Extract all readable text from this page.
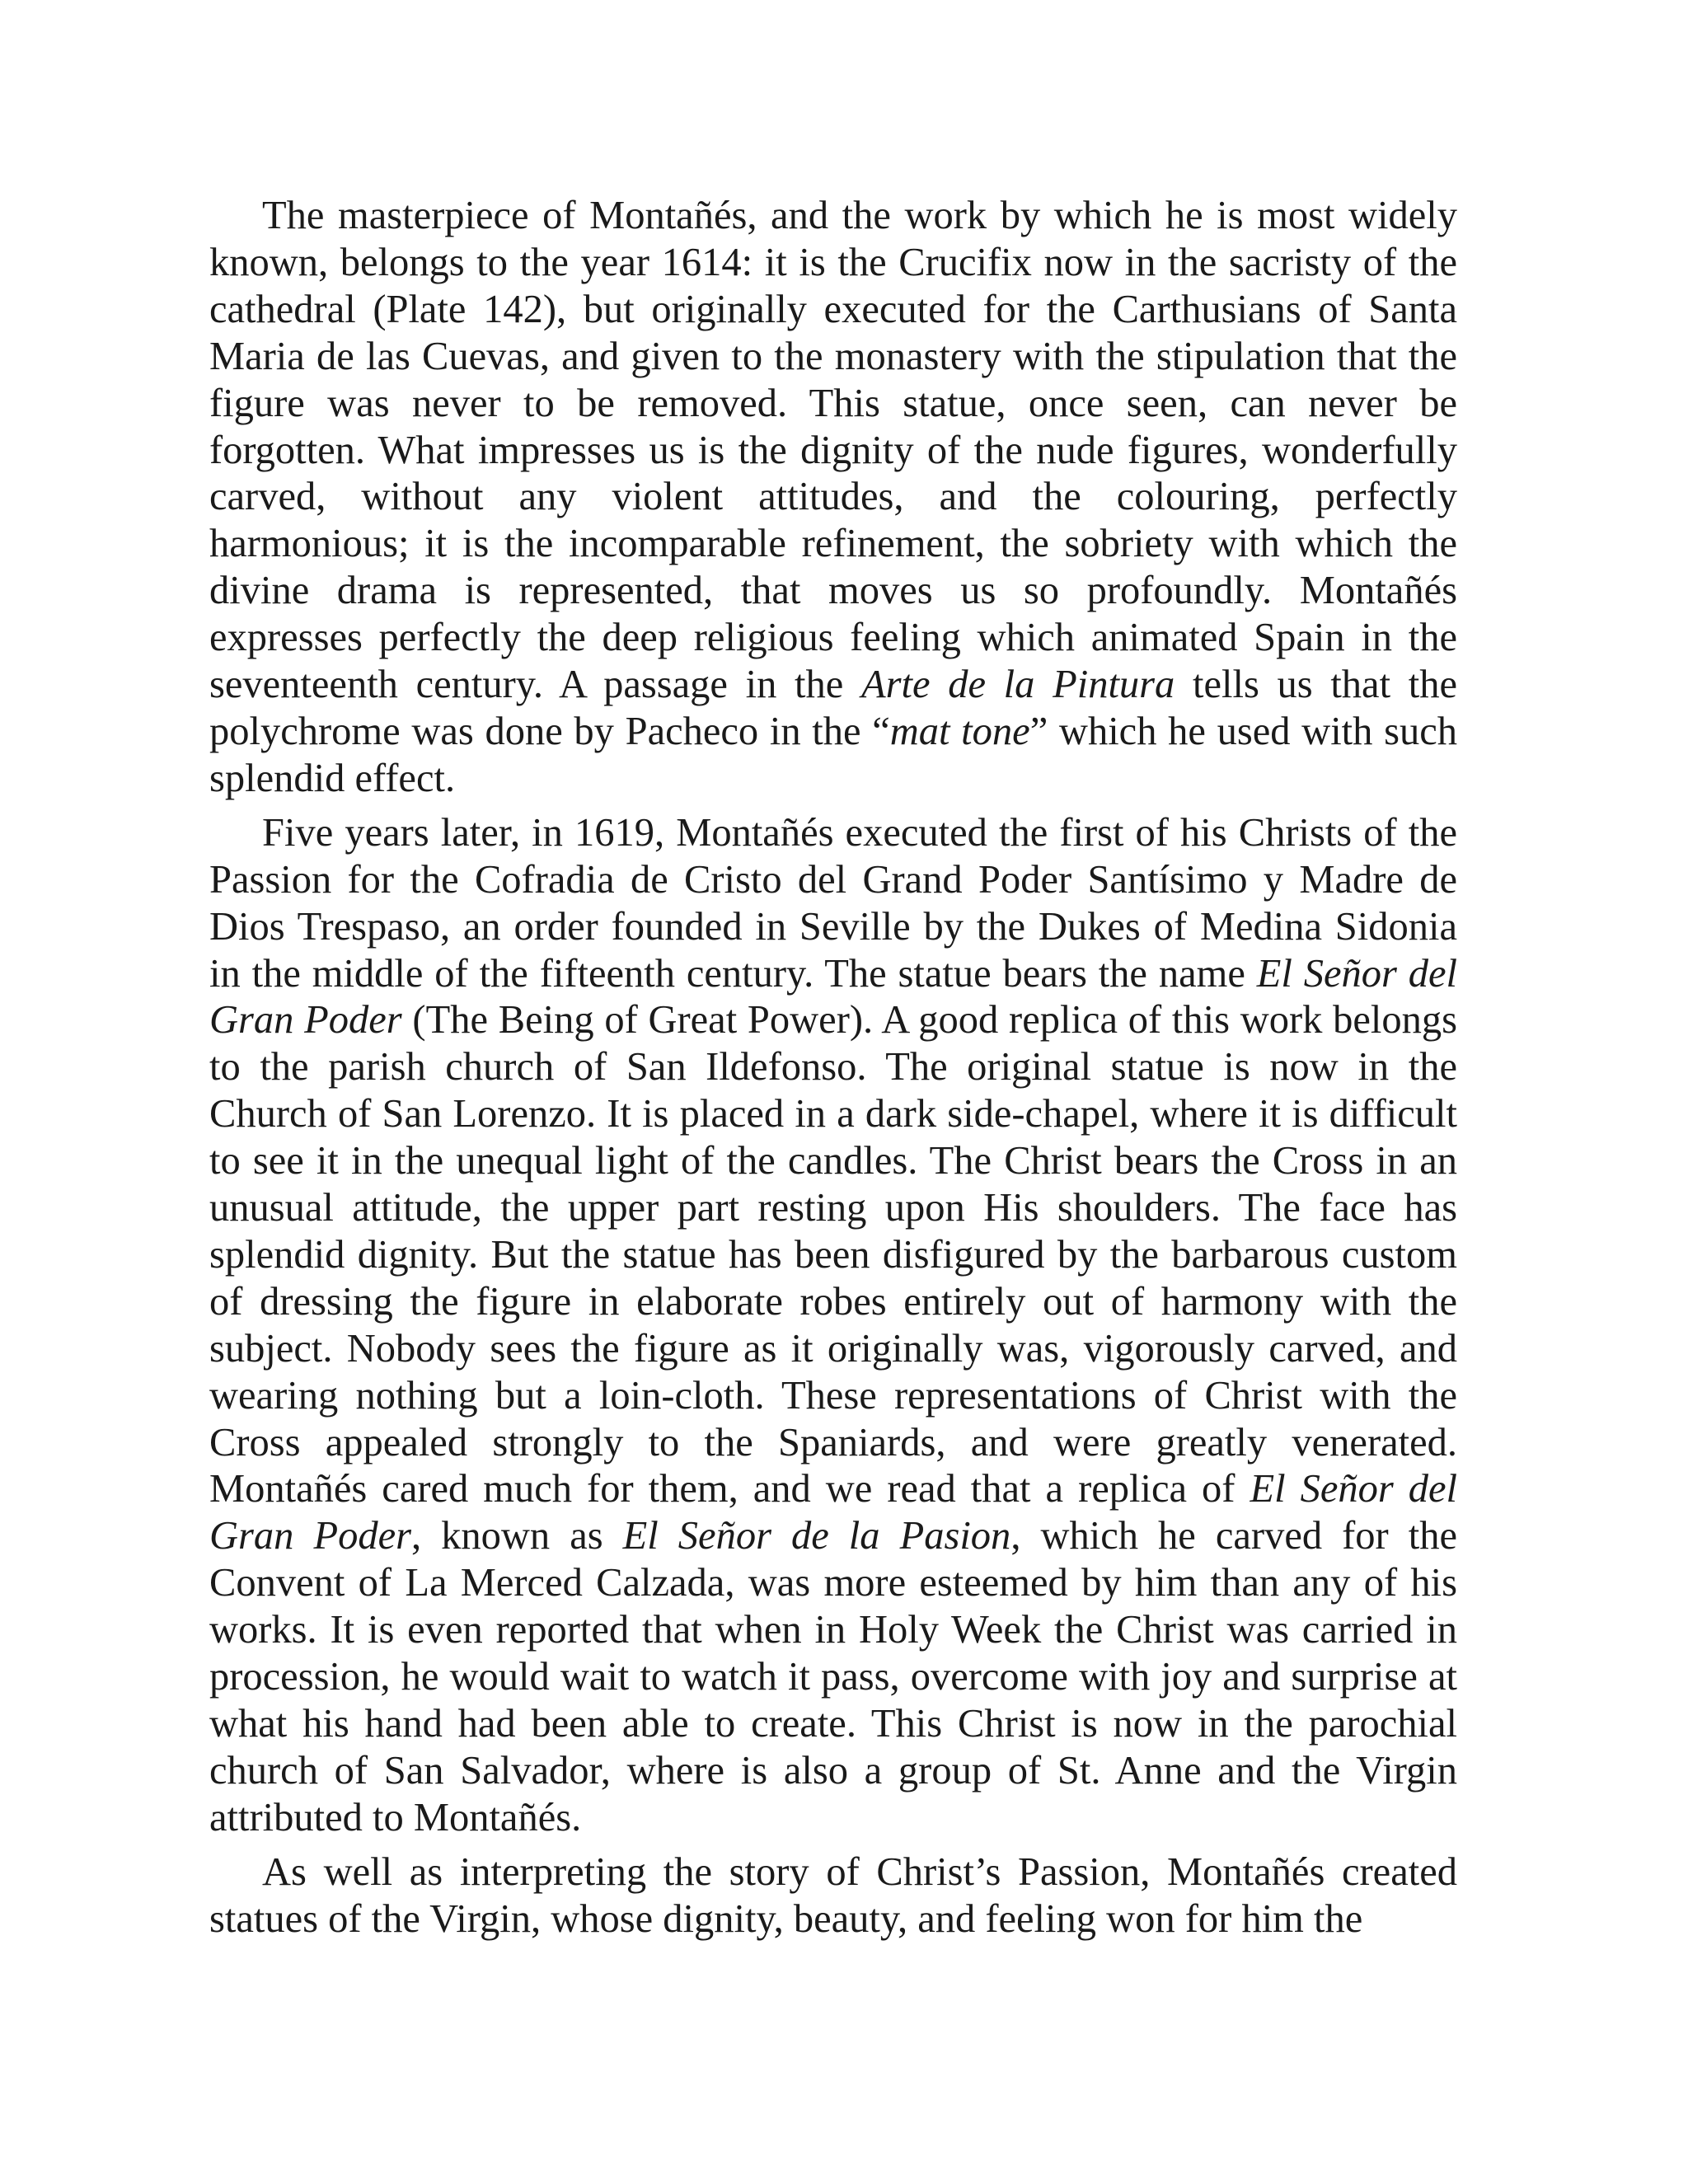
The masterpiece of Montañés, and the work by which he is most widely known, belongs to the year 1614: it is the Crucifix now in the sacristy of the cathedral (Plate 142), but originally executed for the Carthusians of Santa Maria de las Cuevas, and given to the monastery with the stipulation that the figure was never to be removed. This statue, once seen, can never be forgotten. What impresses us is the dignity of the nude figures, wonderfully carved, without any violent attitudes, and the colouring, perfectly harmonious; it is the incomparable refinement, the sobriety with which the divine drama is represented, that moves us so profoundly. Montañés expresses perfectly the deep religious feeling which animated Spain in the seventeenth century. A passage in the Arte de la Pintura tells us that the polychrome was done by Pacheco in the “mat tone” which he used with such splendid effect.

Five years later, in 1619, Montañés executed the first of his Christs of the Passion for the Cofradia de Cristo del Grand Poder Santísimo y Madre de Dios Trespaso, an order founded in Seville by the Dukes of Medina Sidonia in the middle of the fifteenth century. The statue bears the name El Señor del Gran Poder (The Being of Great Power). A good replica of this work belongs to the parish church of San Ildefonso. The original statue is now in the Church of San Lorenzo. It is placed in a dark side-chapel, where it is difficult to see it in the unequal light of the candles. The Christ bears the Cross in an unusual attitude, the upper part resting upon His shoulders. The face has splendid dignity. But the statue has been disfigured by the barbarous custom of dressing the figure in elaborate robes entirely out of harmony with the subject. Nobody sees the figure as it originally was, vigorously carved, and wearing nothing but a loin-cloth. These representations of Christ with the Cross appealed strongly to the Spaniards, and were greatly venerated. Montañés cared much for them, and we read that a replica of El Señor del Gran Poder, known as El Señor de la Pasion, which he carved for the Convent of La Merced Calzada, was more esteemed by him than any of his works. It is even reported that when in Holy Week the Christ was carried in procession, he would wait to watch it pass, overcome with joy and surprise at what his hand had been able to create. This Christ is now in the parochial church of San Salvador, where is also a group of St. Anne and the Virgin attributed to Montañés.

As well as interpreting the story of Christ’s Passion, Montañés created statues of the Virgin, whose dignity, beauty, and feeling won for him the
